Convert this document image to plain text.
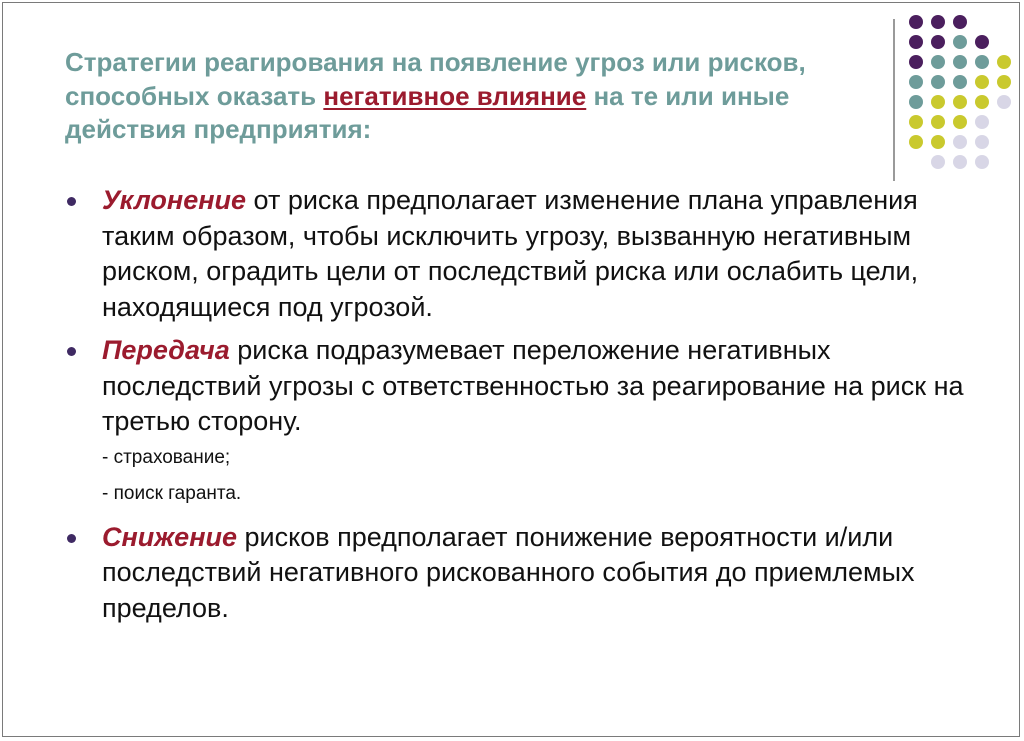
Стратегии реагирования на появление угроз или рисков, способных оказать негативное влияние на те или иные действия предприятия:
Уклонение от риска предполагает изменение плана управления таким образом, чтобы исключить угрозу, вызванную негативным риском, оградить цели от последствий риска или ослабить цели, находящиеся под угрозой.
Передача риска подразумевает переложение негативных последствий угрозы с ответственностью за реагирование на риск на третью сторону.
- страхование;
- поиск гаранта.
Снижение рисков предполагает понижение вероятности и/или последствий негативного рискованного события до приемлемых пределов.
